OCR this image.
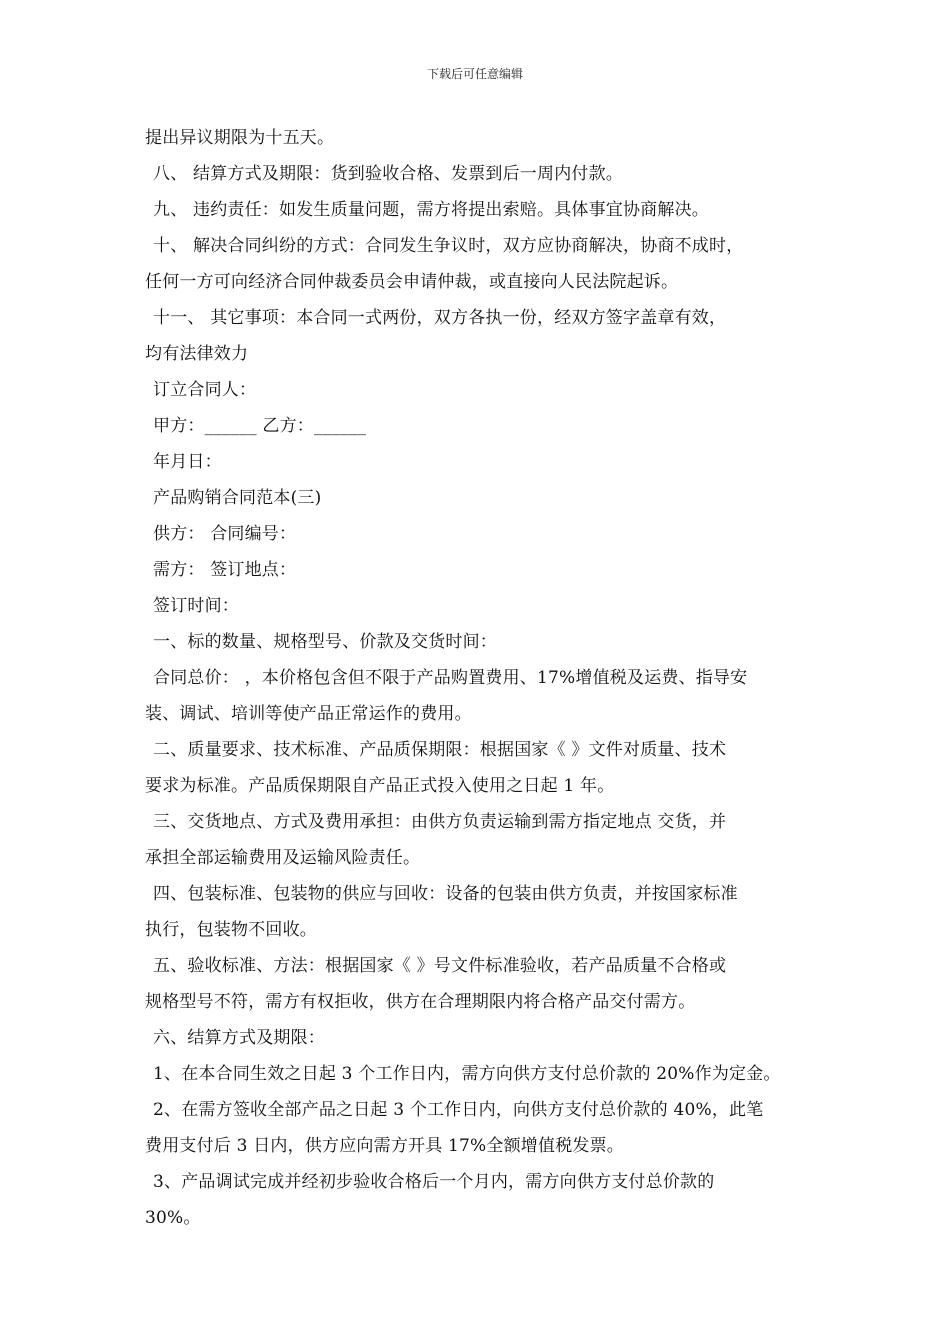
下载后可任意编辑
提出异议期限为十五天。
八、 结算方式及期限：货到验收合格、发票到后一周内付款。
九、 违约责任：如发生质量问题，需方将提出索赔。具体事宜协商解决。
十、 解决合同纠纷的方式：合同发生争议时，双方应协商解决，协商不成时，
任何一方可向经济合同仲裁委员会申请仲裁，或直接向人民法院起诉。
十一、 其它事项：本合同一式两份，双方各执一份，经双方签字盖章有效，
均有法律效力
订立合同人：
甲方：______ 乙方：______
年月日：
产品购销合同范本(三)
供方： 合同编号：
需方： 签订地点：
签订时间：
一、标的数量、规格型号、价款及交货时间：
合同总价： ，本价格包含但不限于产品购置费用、17%增值税及运费、指导安
装、调试、培训等使产品正常运作的费用。
二、质量要求、技术标准、产品质保期限：根据国家《 》文件对质量、技术
要求为标准。产品质保期限自产品正式投入使用之日起 1 年。
三、交货地点、方式及费用承担：由供方负责运输到需方指定地点 交货，并
承担全部运输费用及运输风险责任。
四、包装标准、包装物的供应与回收：设备的包装由供方负责，并按国家标准
执行，包装物不回收。
五、验收标准、方法：根据国家《 》号文件标准验收，若产品质量不合格或
规格型号不符，需方有权拒收，供方在合理期限内将合格产品交付需方。
六、结算方式及期限：
1、在本合同生效之日起 3 个工作日内，需方向供方支付总价款的 20%作为定金。
2、在需方签收全部产品之日起 3 个工作日内，向供方支付总价款的 40%，此笔
费用支付后 3 日内，供方应向需方开具 17%全额增值税发票。
3、产品调试完成并经初步验收合格后一个月内，需方向供方支付总价款的
30%。
